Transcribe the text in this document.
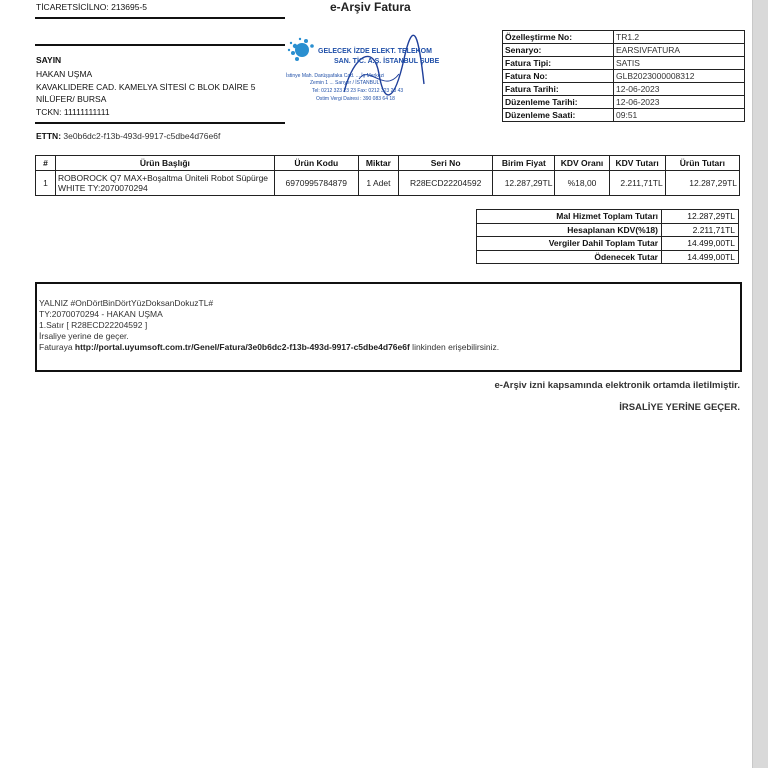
TİCARETSİCİLNO: 213695-5	e-Arşiv Fatura
SAYIN
HAKAN UŞMA
KAVAKLIDERE CAD. KAMELYA SİTESİ C BLOK DAİRE 5
NİLÜFER/ BURSA
TCKN: 11111111111
ETTN: 3e0b6dc2-f13b-493d-9917-c5dbe4d76e6f
GELECEK İZDE ELEKT. TELEKOM
SAN. TİC. A.Ş. İSTANBUL ŞUBE
İstinye Mah. Darüşşafaka Cad. ... İş Merkezi
Zemin 1 ... Sarıyer / İSTANBUL
Tel: 0212 323 23 23 Fax: 0212 323 23 43
Ostim Vergi Dairesi : 390 083 64 18
Özelleştirme No:	TR1.2
Senaryo:	EARSIVFATURA
Fatura Tipi:	SATIS
Fatura No:	GLB2023000008312
Fatura Tarihi:	12-06-2023
Düzenleme Tarihi:	12-06-2023
Düzenleme Saati:	09:51
#	Ürün Başlığı	Ürün Kodu	Miktar	Seri No	Birim Fiyat	KDV Oranı	KDV Tutarı	Ürün Tutarı
1	ROBOROCK Q7 MAX+Boşaltma Üniteli Robot Süpürge WHITE TY:2070070294	6970995784879	1 Adet	R28ECD22204592	12.287,29TL	%18,00	2.211,71TL	12.287,29TL
Mal Hizmet Toplam Tutarı	12.287,29TL
Hesaplanan KDV(%18)	2.211,71TL
Vergiler Dahil Toplam Tutar	14.499,00TL
Ödenecek Tutar	14.499,00TL
YALNIZ #OnDörtBinDörtYüzDoksanDokuzTL#
TY:2070070294 - HAKAN UŞMA
1.Satır [ R28ECD22204592 ]
İrsaliye yerine de geçer.
Faturaya http://portal.uyumsoft.com.tr/Genel/Fatura/3e0b6dc2-f13b-493d-9917-c5dbe4d76e6f linkinden erişebilirsiniz.
e-Arşiv izni kapsamında elektronik ortamda iletilmiştir.
İRSALİYE YERİNE GEÇER.
